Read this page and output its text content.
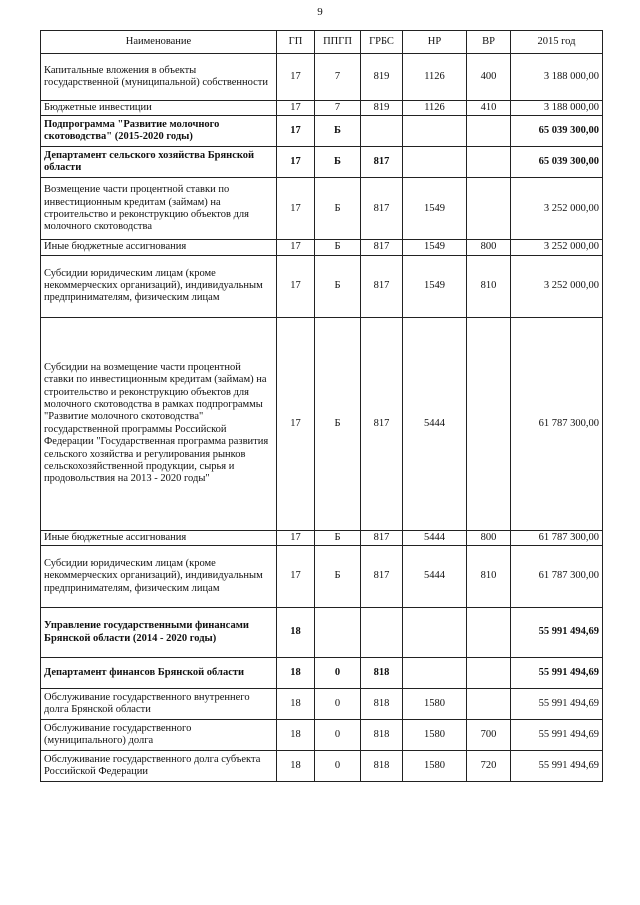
9
Наименование	ГП	ППГП	ГРБС	НР	ВР	2015 год
Капитальные вложения в объекты государственной (муниципальной) собственности	17	7	819	1126	400	3 188 000,00
Бюджетные инвестиции	17	7	819	1126	410	3 188 000,00
Подпрограмма "Развитие молочного скотоводства" (2015-2020 годы)	17	Б				65 039 300,00
Департамент сельского хозяйства Брянской области	17	Б	817			65 039 300,00
Возмещение части процентной ставки по инвестиционным кредитам (займам) на строительство и реконструкцию объектов для молочного скотоводства	17	Б	817	1549		3 252 000,00
Иные бюджетные ассигнования	17	Б	817	1549	800	3 252 000,00
Субсидии юридическим лицам (кроме некоммерческих организаций), индивидуальным предпринимателям, физическим лицам	17	Б	817	1549	810	3 252 000,00
Субсидии на возмещение части процентной ставки по инвестиционным кредитам (займам) на строительство и реконструкцию объектов для молочного скотоводства в рамках подпрограммы "Развитие молочного скотоводства" государственной программы Российской Федерации "Государственная программа развития сельского хозяйства и регулирования рынков сельскохозяйственной продукции, сырья и продовольствия на 2013 - 2020 годы"	17	Б	817	5444		61 787 300,00
Иные бюджетные ассигнования	17	Б	817	5444	800	61 787 300,00
Субсидии юридическим лицам (кроме некоммерческих организаций), индивидуальным предпринимателям, физическим лицам	17	Б	817	5444	810	61 787 300,00
Управление государственными финансами Брянской области (2014 - 2020 годы)	18					55 991 494,69
Департамент финансов Брянской области	18	0	818			55 991 494,69
Обслуживание государственного внутреннего долга Брянской области	18	0	818	1580		55 991 494,69
Обслуживание государственного (муниципального) долга	18	0	818	1580	700	55 991 494,69
Обслуживание государственного долга субъекта Российской Федерации	18	0	818	1580	720	55 991 494,69
